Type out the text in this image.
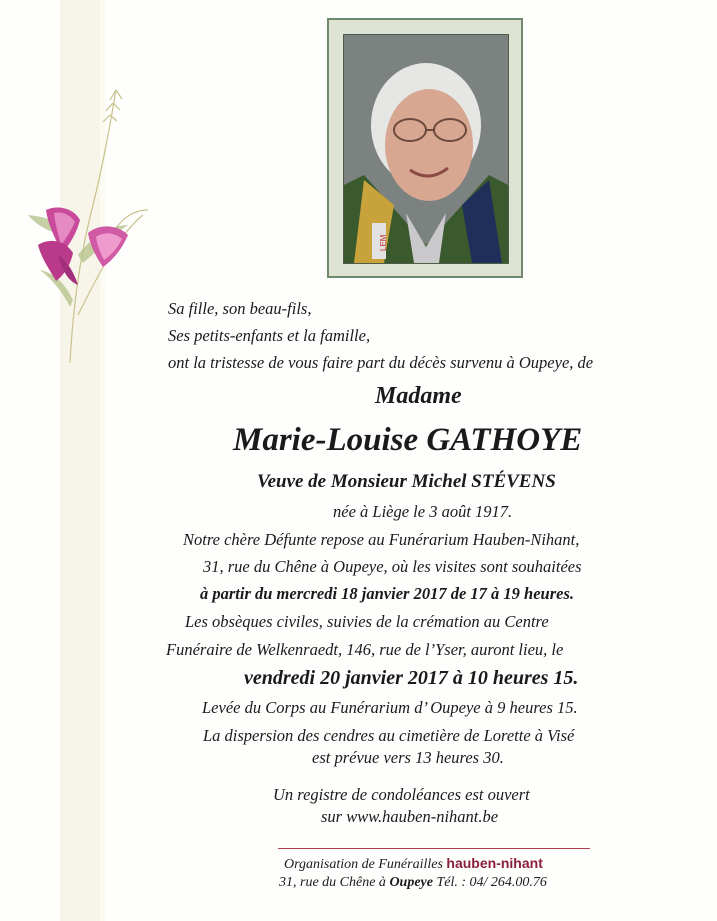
LEM
Sa fille, son beau-fils,
Ses petits-enfants et la famille,
ont la tristesse de vous faire part du décès survenu à Oupeye, de
Madame
Marie-Louise GATHOYE
Veuve de Monsieur Michel STÉVENS
née à Liège le 3 août 1917.
Notre chère Défunte repose au Funérarium Hauben-Nihant,
31, rue du Chêne à Oupeye, où les visites sont souhaitées
à partir du mercredi 18 janvier 2017 de 17 à 19 heures.
Les obsèques civiles, suivies de la crémation au Centre
Funéraire de Welkenraedt, 146, rue de l’Yser, auront lieu, le
vendredi 20 janvier 2017 à 10 heures 15.
Levée du Corps au Funérarium d’ Oupeye à 9 heures 15.
La dispersion des cendres au cimetière de Lorette à Visé
est prévue vers 13 heures 30.
Un registre de condoléances est ouvert
sur www.hauben-nihant.be
Organisation de Funérailles hauben-nihant
31, rue du Chêne à Oupeye Tél. : 04/ 264.00.76
